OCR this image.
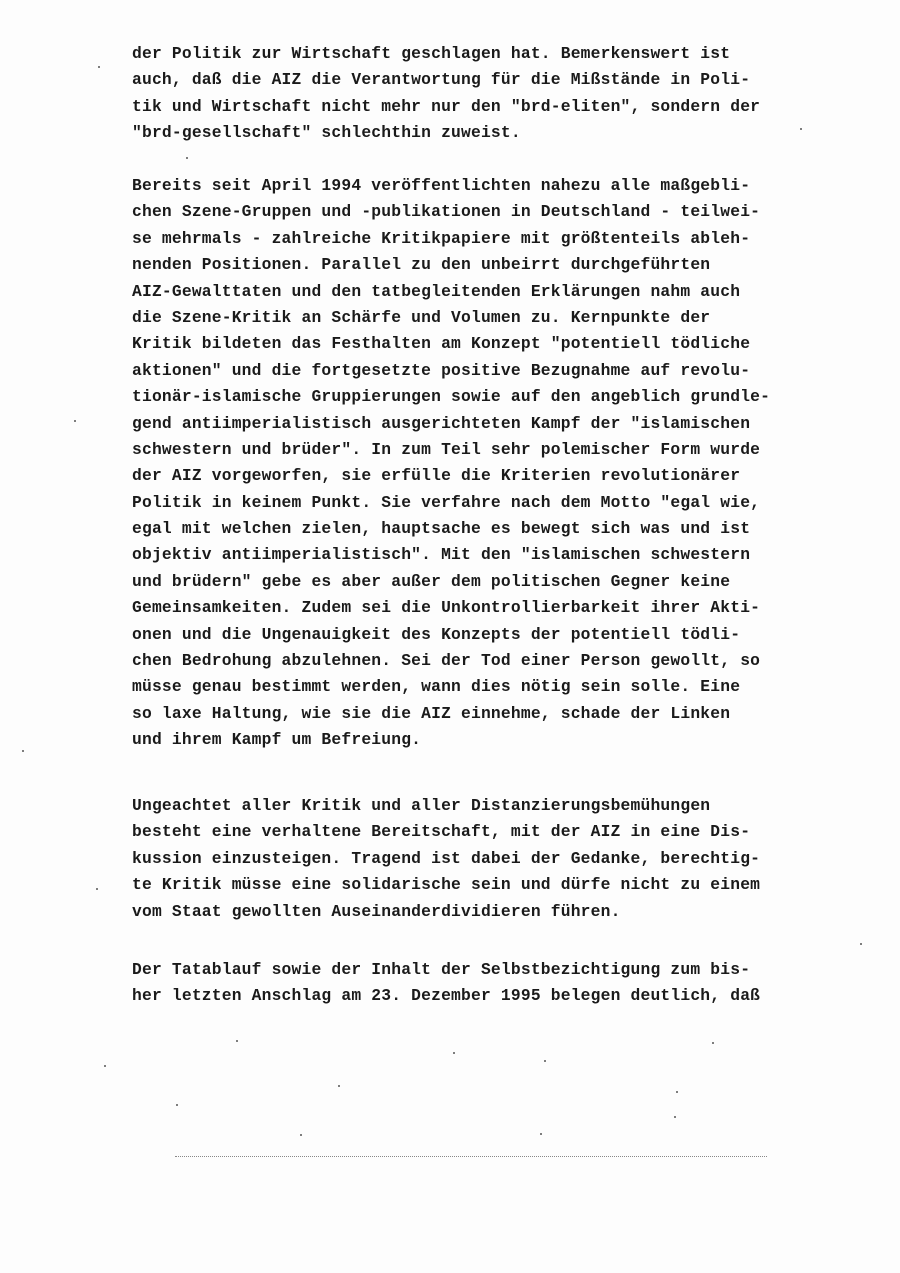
der Politik zur Wirtschaft geschlagen hat. Bemerkenswert ist
auch, daß die AIZ die Verantwortung für die Mißstände in Poli-
tik und Wirtschaft nicht mehr nur den "brd-eliten", sondern der
"brd-gesellschaft" schlechthin zuweist.
Bereits seit April 1994 veröffentlichten nahezu alle maßgebli-
chen Szene-Gruppen und -publikationen in Deutschland - teilwei-
se mehrmals - zahlreiche Kritikpapiere mit größtenteils ableh-
nenden Positionen. Parallel zu den unbeirrt durchgeführten
AIZ-Gewalttaten und den tatbegleitenden Erklärungen nahm auch
die Szene-Kritik an Schärfe und Volumen zu. Kernpunkte der
Kritik bildeten das Festhalten am Konzept "potentiell tödliche
aktionen" und die fortgesetzte positive Bezugnahme auf revolu-
tionär-islamische Gruppierungen sowie auf den angeblich grundle-
gend antiimperialistisch ausgerichteten Kampf der "islamischen
schwestern und brüder". In zum Teil sehr polemischer Form wurde
der AIZ vorgeworfen, sie erfülle die Kriterien revolutionärer
Politik in keinem Punkt. Sie verfahre nach dem Motto "egal wie,
egal mit welchen zielen, hauptsache es bewegt sich was und ist
objektiv antiimperialistisch". Mit den "islamischen schwestern
und brüdern" gebe es aber außer dem politischen Gegner keine
Gemeinsamkeiten. Zudem sei die Unkontrollierbarkeit ihrer Akti-
onen und die Ungenauigkeit des Konzepts der potentiell tödli-
chen Bedrohung abzulehnen. Sei der Tod einer Person gewollt, so
müsse genau bestimmt werden, wann dies nötig sein solle. Eine
so laxe Haltung, wie sie die AIZ einnehme, schade der Linken
und ihrem Kampf um Befreiung.
Ungeachtet aller Kritik und aller Distanzierungsbemühungen
besteht eine verhaltene Bereitschaft, mit der AIZ in eine Dis-
kussion einzusteigen. Tragend ist dabei der Gedanke, berechtig-
te Kritik müsse eine solidarische sein und dürfe nicht zu einem
vom Staat gewollten Auseinanderdividieren führen.
Der Tatablauf sowie der Inhalt der Selbstbezichtigung zum bis-
her letzten Anschlag am 23. Dezember 1995 belegen deutlich, daß
